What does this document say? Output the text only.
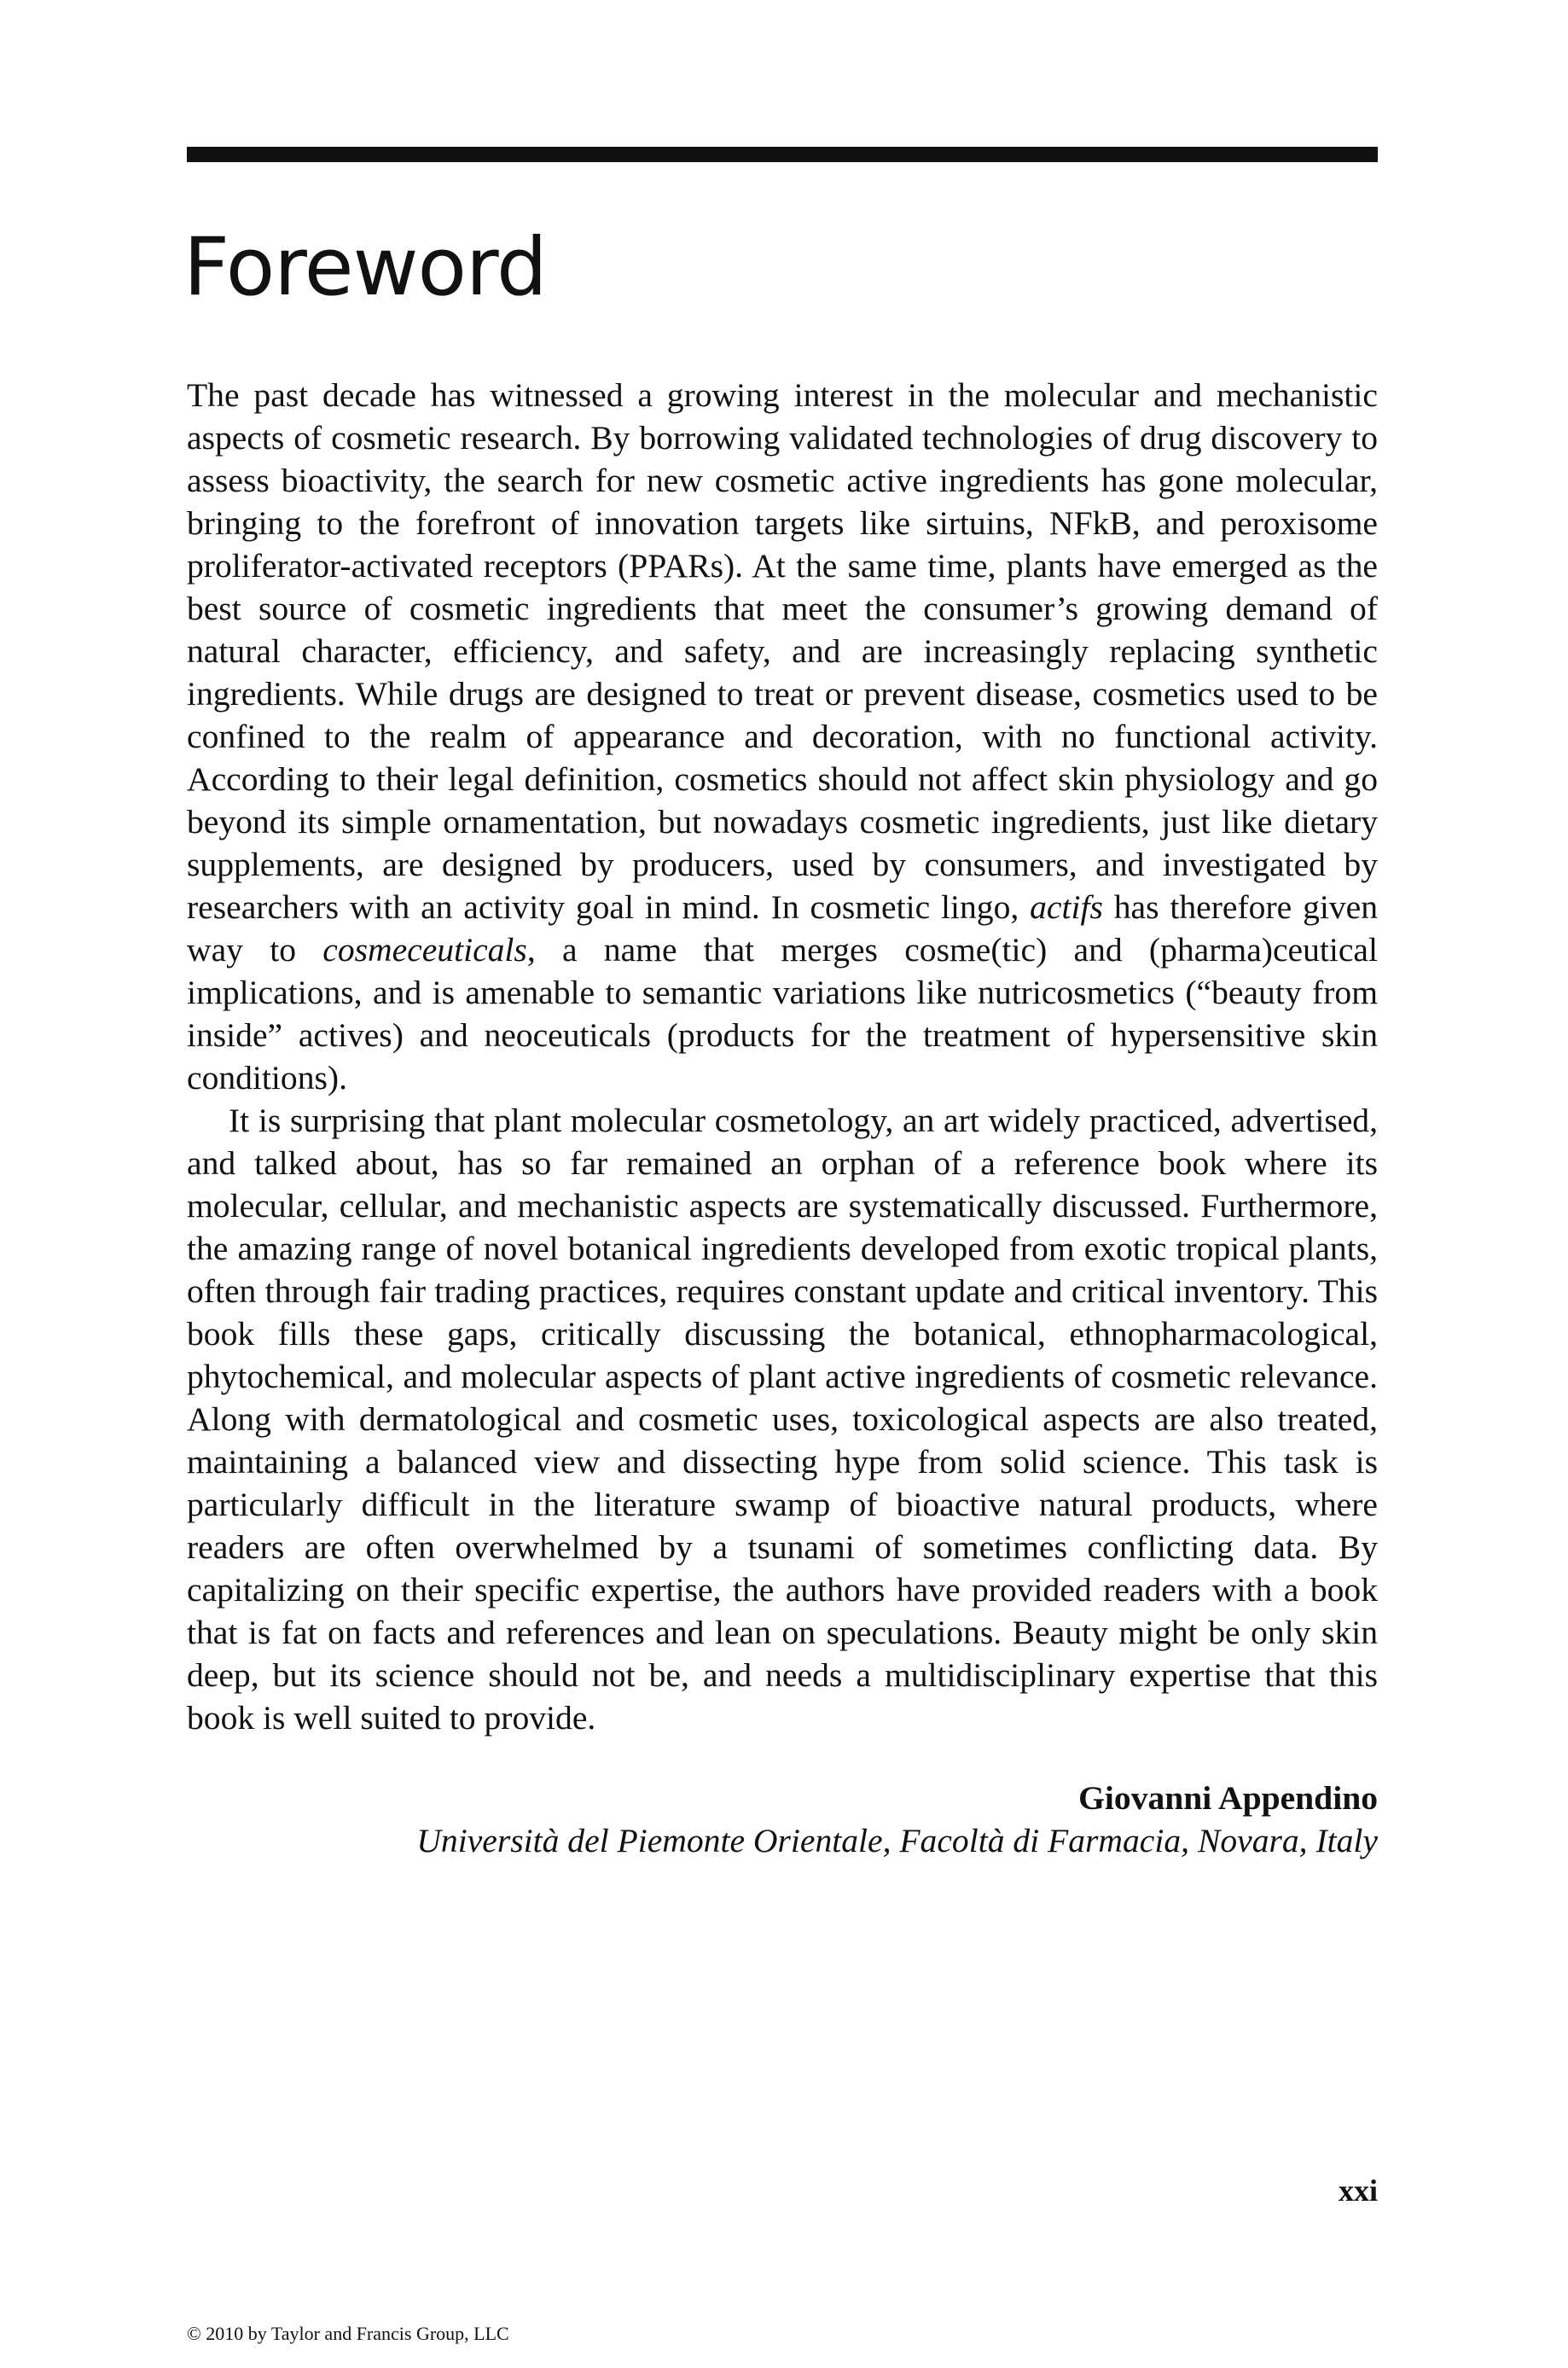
Foreword

The past decade has witnessed a growing interest in the molecular and mechanistic aspects of cosmetic research. By borrowing validated technologies of drug discovery to assess bioactivity, the search for new cosmetic active ingredients has gone molecular, bringing to the forefront of innovation targets like sirtuins, NFkB, and peroxisome proliferator-activated receptors (PPARs). At the same time, plants have emerged as the best source of cosmetic ingredients that meet the consumer’s growing demand of natural character, efficiency, and safety, and are increasingly replacing synthetic ingredients. While drugs are designed to treat or prevent disease, cosmetics used to be confined to the realm of appearance and decoration, with no functional activity. According to their legal definition, cosmetics should not affect skin physiology and go beyond its simple ornamentation, but nowadays cosmetic ingredients, just like dietary supplements, are designed by producers, used by consumers, and investigated by researchers with an activity goal in mind. In cosmetic lingo, actifs has therefore given way to cosmeceuticals, a name that merges cosme(tic) and (pharma)ceutical implications, and is amenable to semantic variations like nutricosmetics (“beauty from inside” actives) and neoceuticals (products for the treatment of hypersensitive skin conditions).

It is surprising that plant molecular cosmetology, an art widely practiced, advertised, and talked about, has so far remained an orphan of a reference book where its molecular, cellular, and mechanistic aspects are systematically discussed. Furthermore, the amazing range of novel botanical ingredients developed from exotic tropical plants, often through fair trading practices, requires constant update and critical inventory. This book fills these gaps, critically discussing the botanical, ethnopharmacological, phytochemical, and molecular aspects of plant active ingredients of cosmetic relevance. Along with dermatological and cosmetic uses, toxicological aspects are also treated, maintaining a balanced view and dissecting hype from solid science. This task is particularly difficult in the literature swamp of bioactive natural products, where readers are often overwhelmed by a tsunami of sometimes conflicting data. By capitalizing on their specific expertise, the authors have provided readers with a book that is fat on facts and references and lean on speculations. Beauty might be only skin deep, but its science should not be, and needs a multidisciplinary expertise that this book is well suited to provide.

Giovanni Appendino
Università del Piemonte Orientale, Facoltà di Farmacia, Novara, Italy
xxi
© 2010 by Taylor and Francis Group, LLC
